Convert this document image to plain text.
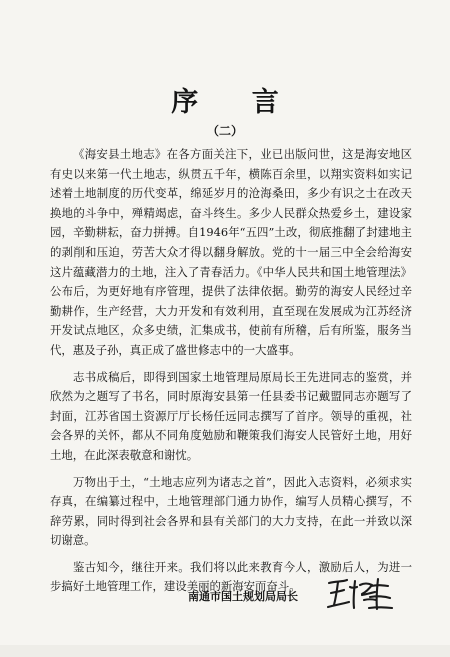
序 言
（二）

《海安县土地志》在各方面关注下，业已出版问世，这是海安地区有史以来第一代土地志，纵贯五千年，横陈百余里，以翔实资料如实记述着土地制度的历代变革，绵延岁月的沧海桑田，多少有识之士在改天换地的斗争中，殚精竭虑，奋斗终生。多少人民群众热爱乡土，建设家园，辛勤耕耘，奋力拼搏。自1946年“五四”土改，彻底推翻了封建地主的剥削和压迫，劳苦大众才得以翻身解放。党的十一届三中全会给海安这片蕴藏潜力的土地，注入了青春活力。《中华人民共和国土地管理法》公布后，为更好地有序管理，提供了法律依据。勤劳的海安人民经过辛勤耕作，生产经营，大力开发和有效利用，直至现在发展成为江苏经济开发试点地区，众多史绩，汇集成书，使前有所稽，后有所鉴，服务当代，惠及子孙，真正成了盛世修志中的一大盛事。

志书成稿后，即得到国家土地管理局原局长王先进同志的鉴赏，并欣然为之题写了书名，同时原海安县第一任县委书记戴盟同志亦题写了封面，江苏省国土资源厅厅长杨任远同志撰写了首序。领导的重视，社会各界的关怀，都从不同角度勉励和鞭策我们海安人民管好土地，用好土地，在此深表敬意和谢忱。

万物出于土，“土地志应列为诸志之首”，因此入志资料，必须求实存真，在编纂过程中，土地管理部门通力协作，编写人员精心撰写，不辞劳累，同时得到社会各界和县有关部门的大力支持，在此一并致以深切谢意。

鉴古知今，继往开来。我们将以此来教育今人，激励后人，为进一步搞好土地管理工作，建设美丽的新海安而奋斗。

南通市国土规划局局长
